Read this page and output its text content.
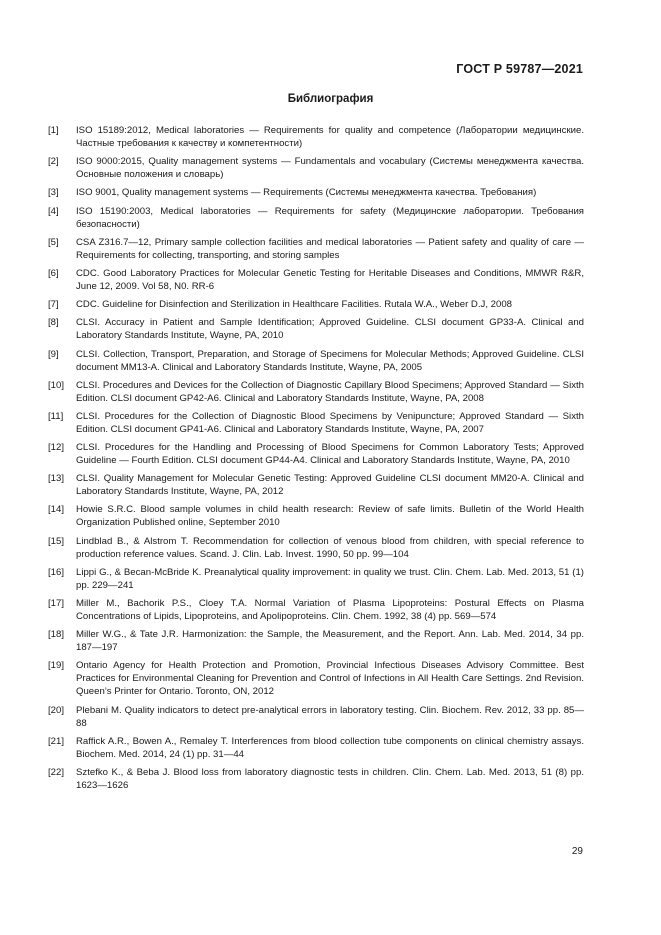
ГОСТ Р 59787—2021
Библиография
[1]	ISO 15189:2012, Medical laboratories — Requirements for quality and competence (Лаборатории медицинские. Частные требования к качеству и компетентности)
[2]	ISO 9000:2015, Quality management systems — Fundamentals and vocabulary (Системы менеджмента качества. Основные положения и словарь)
[3]	ISO 9001, Quality management systems — Requirements (Системы менеджмента качества. Требования)
[4]	ISO 15190:2003, Medical laboratories — Requirements for safety (Медицинские лаборатории. Требования безопасности)
[5]	CSA Z316.7—12, Primary sample collection facilities and medical laboratories — Patient safety and quality of care — Requirements for collecting, transporting, and storing samples
[6]	CDC. Good Laboratory Practices for Molecular Genetic Testing for Heritable Diseases and Conditions, MMWR R&R, June 12, 2009. Vol 58, N0. RR-6
[7]	CDC. Guideline for Disinfection and Sterilization in Healthcare Facilities. Rutala W.A., Weber D.J, 2008
[8]	CLSI. Accuracy in Patient and Sample Identification; Approved Guideline. CLSI document GP33-A. Clinical and Laboratory Standards Institute, Wayne, PA, 2010
[9]	CLSI. Collection, Transport, Preparation, and Storage of Specimens for Molecular Methods; Approved Guideline. CLSI document MM13-A. Clinical and Laboratory Standards Institute, Wayne, PA, 2005
[10]	CLSI. Procedures and Devices for the Collection of Diagnostic Capillary Blood Specimens; Approved Standard — Sixth Edition. CLSI document GP42-A6. Clinical and Laboratory Standards Institute, Wayne, PA, 2008
[11]	CLSI. Procedures for the Collection of Diagnostic Blood Specimens by Venipuncture; Approved Standard — Sixth Edition. CLSI document GP41-A6. Clinical and Laboratory Standards Institute, Wayne, PA, 2007
[12]	CLSI. Procedures for the Handling and Processing of Blood Specimens for Common Laboratory Tests; Approved Guideline — Fourth Edition. CLSI document GP44-A4. Clinical and Laboratory Standards Institute, Wayne, PA, 2010
[13]	CLSI. Quality Management for Molecular Genetic Testing: Approved Guideline CLSI document MM20-A. Clinical and Laboratory Standards Institute, Wayne, PA, 2012
[14]	Howie S.R.C. Blood sample volumes in child health research: Review of safe limits. Bulletin of the World Health Organization Published online, September 2010
[15]	Lindblad B., & Alstrom T. Recommendation for collection of venous blood from children, with special reference to production reference values. Scand. J. Clin. Lab. Invest. 1990, 50 pp. 99—104
[16]	Lippi G., & Becan-McBride K. Preanalytical quality improvement: in quality we trust. Clin. Chem. Lab. Med. 2013, 51 (1) pp. 229—241
[17]	Miller M., Bachorik P.S., Cloey T.A. Normal Variation of Plasma Lipoproteins: Postural Effects on Plasma Concentrations of Lipids, Lipoproteins, and Apolipoproteins. Clin. Chem. 1992, 38 (4) pp. 569—574
[18]	Miller W.G., & Tate J.R. Harmonization: the Sample, the Measurement, and the Report. Ann. Lab. Med. 2014, 34 pp. 187—197
[19]	Ontario Agency for Health Protection and Promotion, Provincial Infectious Diseases Advisory Committee. Best Practices for Environmental Cleaning for Prevention and Control of Infections in All Health Care Settings. 2nd Revision. Queen’s Printer for Ontario. Toronto, ON, 2012
[20]	Plebani M. Quality indicators to detect pre-analytical errors in laboratory testing. Clin. Biochem. Rev. 2012, 33 pp. 85—88
[21]	Raffick A.R., Bowen A., Remaley T. Interferences from blood collection tube components on clinical chemistry assays. Biochem. Med. 2014, 24 (1) pp. 31—44
[22]	Sztefko K., & Beba J. Blood loss from laboratory diagnostic tests in children. Clin. Chem. Lab. Med. 2013, 51 (8) pp. 1623—1626
29
